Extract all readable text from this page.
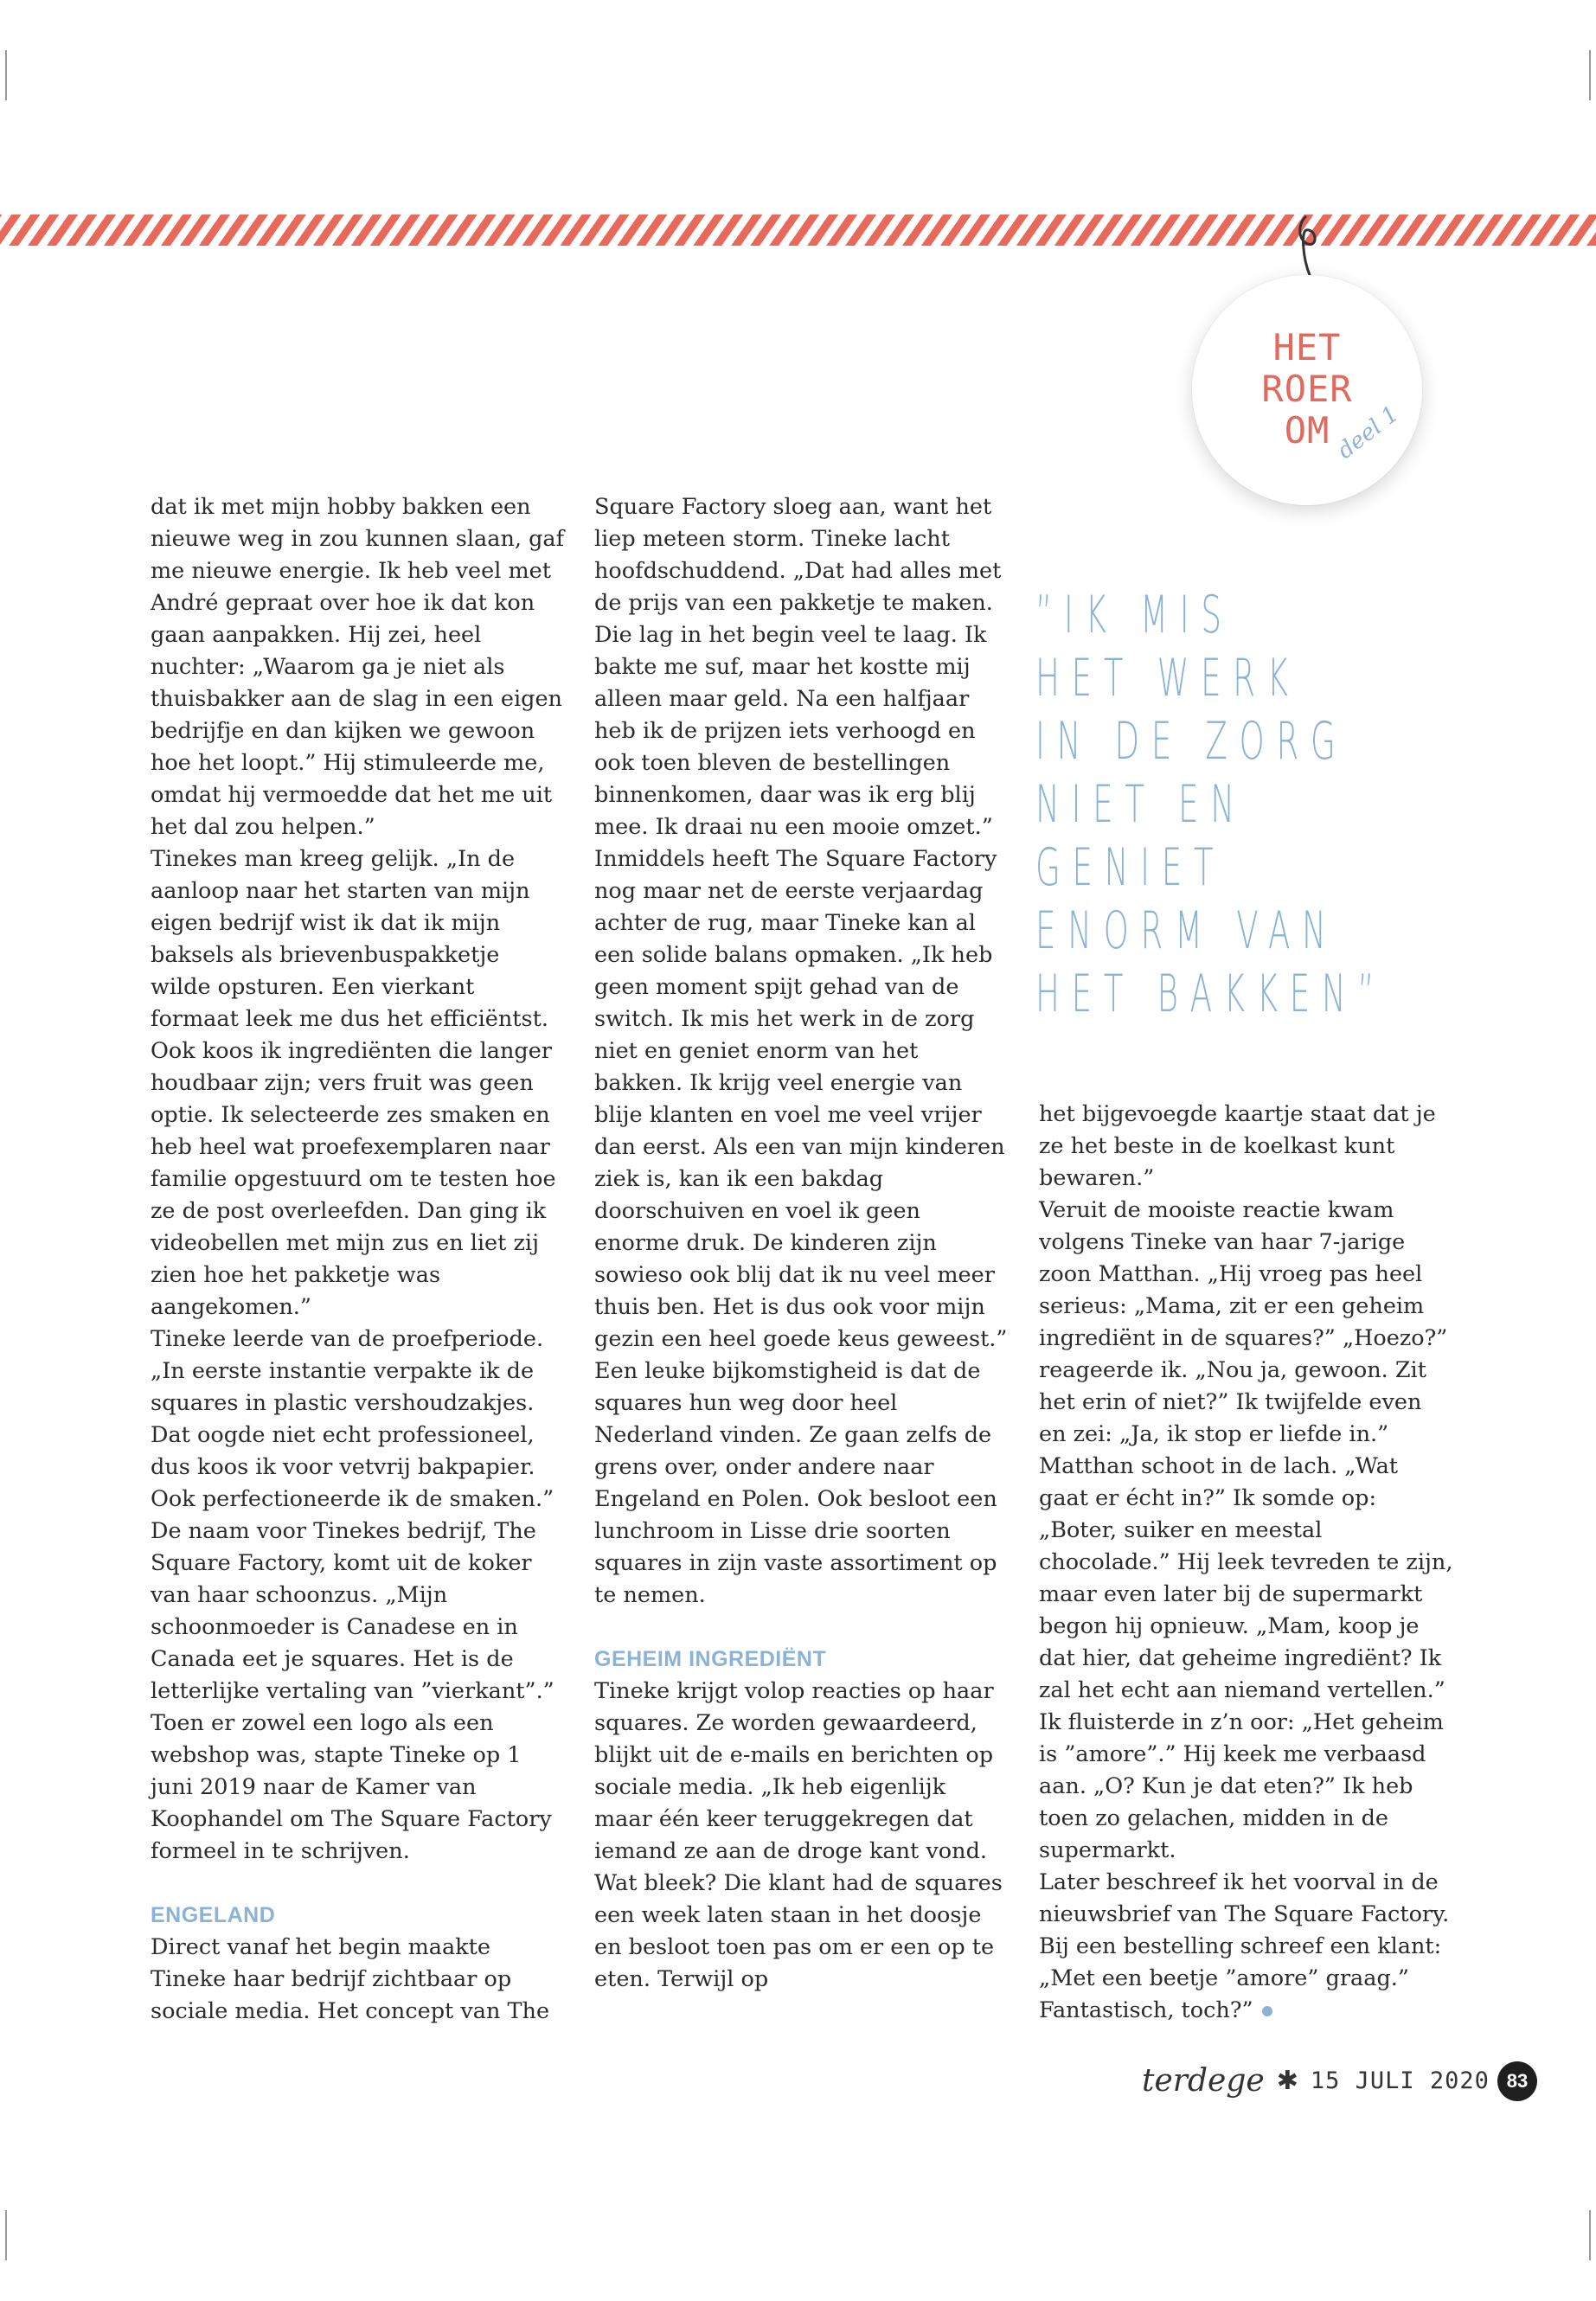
HET
ROER
OM deel 1
”IK MIS
HET WERK
IN DE ZORG
NIET EN
GENIET
ENORM VAN
HET BAKKEN”

dat ik met mijn hobby bakken een nieuwe weg in zou kunnen slaan, gaf me nieuwe energie. Ik heb veel met André gepraat over hoe ik dat kon gaan aanpakken. Hij zei, heel nuchter: „Waarom ga je niet als thuisbakker aan de slag in een eigen bedrijfje en dan kijken we gewoon hoe het loopt.” Hij stimuleerde me, omdat hij vermoedde dat het me uit het dal zou helpen.”

Tinekes man kreeg gelijk. „In de aanloop naar het starten van mijn eigen bedrijf wist ik dat ik mijn baksels als brievenbuspakketje wilde opsturen. Een vierkant formaat leek me dus het efficiëntst. Ook koos ik ingrediënten die langer houdbaar zijn; vers fruit was geen optie. Ik selecteerde zes smaken en heb heel wat proefexemplaren naar familie opgestuurd om te testen hoe ze de post overleefden. Dan ging ik videobellen met mijn zus en liet zij zien hoe het pakketje was aangekomen.”

Tineke leerde van de proefperiode. „In eerste instantie verpakte ik de squares in plastic vershoudzakjes. Dat oogde niet echt professioneel, dus koos ik voor vetvrij bakpapier. Ook perfectioneerde ik de smaken.”

De naam voor Tinekes bedrijf, The Square Factory, komt uit de koker van haar schoonzus. „Mijn schoonmoeder is Canadese en in Canada eet je squares. Het is de letterlijke vertaling van ”vierkant”.” Toen er zowel een logo als een webshop was, stapte Tineke op 1 juni 2019 naar de Kamer van Koophandel om The Square Factory formeel in te schrijven.

ENGELAND

Direct vanaf het begin maakte Tineke haar bedrijf zichtbaar op sociale media. Het concept van The

Square Factory sloeg aan, want het liep meteen storm. Tineke lacht hoofdschuddend. „Dat had alles met de prijs van een pakketje te maken. Die lag in het begin veel te laag. Ik bakte me suf, maar het kostte mij alleen maar geld. Na een halfjaar heb ik de prijzen iets verhoogd en ook toen bleven de bestellingen binnenkomen, daar was ik erg blij mee. Ik draai nu een mooie omzet.”

Inmiddels heeft The Square Factory nog maar net de eerste verjaardag achter de rug, maar Tineke kan al een solide balans opmaken. „Ik heb geen moment spijt gehad van de switch. Ik mis het werk in de zorg niet en geniet enorm van het bakken. Ik krijg veel energie van blije klanten en voel me veel vrijer dan eerst. Als een van mijn kinderen ziek is, kan ik een bakdag doorschuiven en voel ik geen enorme druk. De kinderen zijn sowieso ook blij dat ik nu veel meer thuis ben. Het is dus ook voor mijn gezin een heel goede keus geweest.”

Een leuke bijkomstigheid is dat de squares hun weg door heel Nederland vinden. Ze gaan zelfs de grens over, onder andere naar Engeland en Polen. Ook besloot een lunchroom in Lisse drie soorten squares in zijn vaste assortiment op te nemen.

GEHEIM INGREDIËNT

Tineke krijgt volop reacties op haar squares. Ze worden gewaardeerd, blijkt uit de e-mails en berichten op sociale media. „Ik heb eigenlijk maar één keer teruggekregen dat iemand ze aan de droge kant vond. Wat bleek? Die klant had de squares een week laten staan in het doosje en besloot toen pas om er een op te eten. Terwijl op

het bijgevoegde kaartje staat dat je ze het beste in de koelkast kunt bewaren.”

Veruit de mooiste reactie kwam volgens Tineke van haar 7-jarige zoon Matthan. „Hij vroeg pas heel serieus: „Mama, zit er een geheim ingrediënt in de squares?” „Hoezo?” reageerde ik. „Nou ja, gewoon. Zit het erin of niet?” Ik twijfelde even en zei: „Ja, ik stop er liefde in.” Matthan schoot in de lach. „Wat gaat er écht in?” Ik somde op: „Boter, suiker en meestal chocolade.” Hij leek tevreden te zijn, maar even later bij de supermarkt begon hij opnieuw. „Mam, koop je dat hier, dat geheime ingrediënt? Ik zal het echt aan niemand vertellen.” Ik fluisterde in z’n oor: „Het geheim is ”amore”.” Hij keek me verbaasd aan. „O? Kun je dat eten?” Ik heb toen zo gelachen, midden in de supermarkt.

Later beschreef ik het voorval in de nieuwsbrief van The Square Factory. Bij een bestelling schreef een klant: „Met een beetje ”amore” graag.” Fantastisch, toch?”

terdege ✱ 15 JULI 2020 83
